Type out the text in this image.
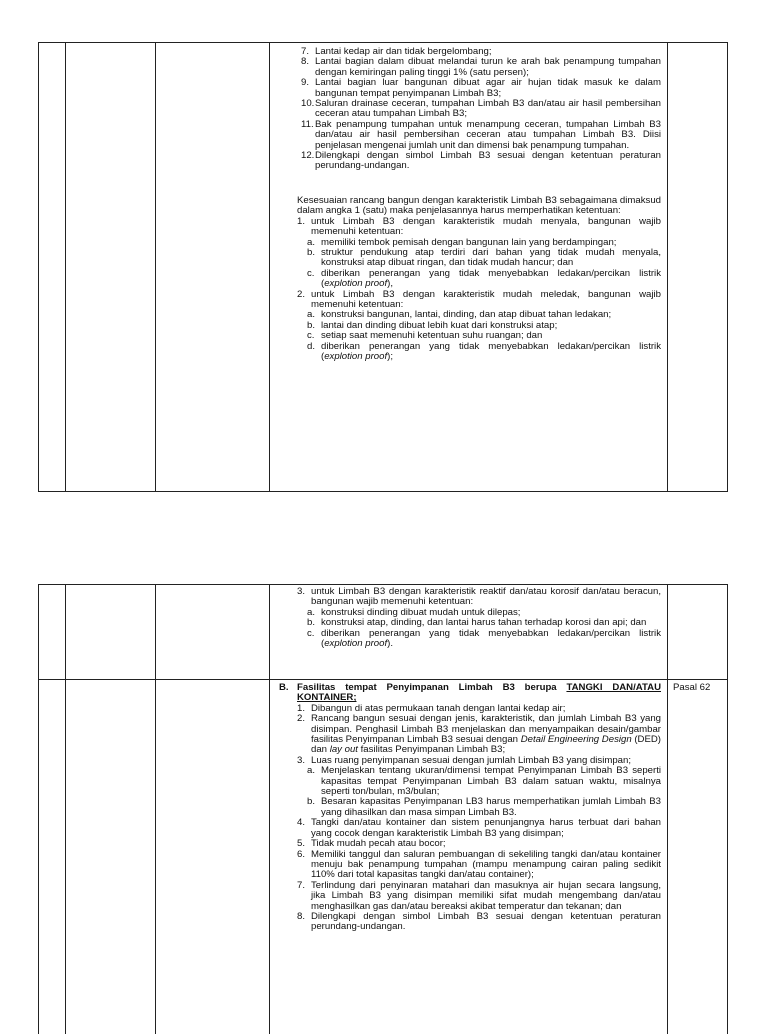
7. Lantai kedap air dan tidak bergelombang;
8. Lantai bagian dalam dibuat melandai turun ke arah bak penampung tumpahan dengan kemiringan paling tinggi 1% (satu persen);
9. Lantai bagian luar bangunan dibuat agar air hujan tidak masuk ke dalam bangunan tempat penyimpanan Limbah B3;
10. Saluran drainase ceceran, tumpahan Limbah B3 dan/atau air hasil pembersihan ceceran atau tumpahan Limbah B3;
11. Bak penampung tumpahan untuk menampung ceceran, tumpahan Limbah B3 dan/atau air hasil pembersihan ceceran atau tumpahan Limbah B3. Diisi penjelasan mengenai jumlah unit dan dimensi bak penampung tumpahan.
12. Dilengkapi dengan simbol Limbah B3 sesuai dengan ketentuan peraturan perundang-undangan.

Kesesuaian rancang bangun dengan karakteristik Limbah B3 sebagaimana dimaksud dalam angka 1 (satu) maka penjelasannya harus memperhatikan ketentuan:

1. untuk Limbah B3 dengan karakteristik mudah menyala, bangunan wajib memenuhi ketentuan:
a. memiliki tembok pemisah dengan bangunan lain yang berdampingan;
b. struktur pendukung atap terdiri dari bahan yang tidak mudah menyala, konstruksi atap dibuat ringan, dan tidak mudah hancur; dan
c. diberikan penerangan yang tidak menyebabkan ledakan/percikan listrik (explotion proof),
2. untuk Limbah B3 dengan karakteristik mudah meledak, bangunan wajib memenuhi ketentuan:
a. konstruksi bangunan, lantai, dinding, dan atap dibuat tahan ledakan;
b. lantai dan dinding dibuat lebih kuat dari konstruksi atap;
c. setiap saat memenuhi ketentuan suhu ruangan; dan
d. diberikan penerangan yang tidak menyebabkan ledakan/percikan listrik (explotion proof);
3. untuk Limbah B3 dengan karakteristik reaktif dan/atau korosif dan/atau beracun, bangunan wajib memenuhi ketentuan:
a. konstruksi dinding dibuat mudah untuk dilepas;
b. konstruksi atap, dinding, dan lantai harus tahan terhadap korosi dan api; dan
c. diberikan penerangan yang tidak menyebabkan ledakan/percikan listrik (explotion proof).
B. Fasilitas tempat Penyimpanan Limbah B3 berupa TANGKI DAN/ATAU KONTAINER;
1. Dibangun di atas permukaan tanah dengan lantai kedap air;
2. Rancang bangun sesuai dengan jenis, karakteristik, dan jumlah Limbah B3 yang disimpan. Penghasil Limbah B3 menjelaskan dan menyampaikan desain/gambar fasilitas Penyimpanan Limbah B3 sesuai dengan Detail Engineering Design (DED) dan lay out fasilitas Penyimpanan Limbah B3;
3. Luas ruang penyimpanan sesuai dengan jumlah Limbah B3 yang disimpan;
a. Menjelaskan tentang ukuran/dimensi tempat Penyimpanan Limbah B3 seperti kapasitas tempat Penyimpanan Limbah B3 dalam satuan waktu, misalnya seperti ton/bulan, m3/bulan;
b. Besaran kapasitas Penyimpanan LB3 harus memperhatikan jumlah Limbah B3 yang dihasilkan dan masa simpan Limbah B3.
4. Tangki dan/atau kontainer dan sistem penunjangnya harus terbuat dari bahan yang cocok dengan karakteristik Limbah B3 yang disimpan;
5. Tidak mudah pecah atau bocor;
6. Memiliki tanggul dan saluran pembuangan di sekeliling tangki dan/atau kontainer menuju bak penampung tumpahan (mampu menampung cairan paling sedikit 110% dari total kapasitas tangki dan/atau container);
7. Terlindung dari penyinaran matahari dan masuknya air hujan secara langsung, jika Limbah B3 yang disimpan memiliki sifat mudah mengembang dan/atau menghasilkan gas dan/atau bereaksi akibat temperatur dan tekanan; dan
8. Dilengkapi dengan simbol Limbah B3 sesuai dengan ketentuan peraturan perundang-undangan.
Pasal 62
